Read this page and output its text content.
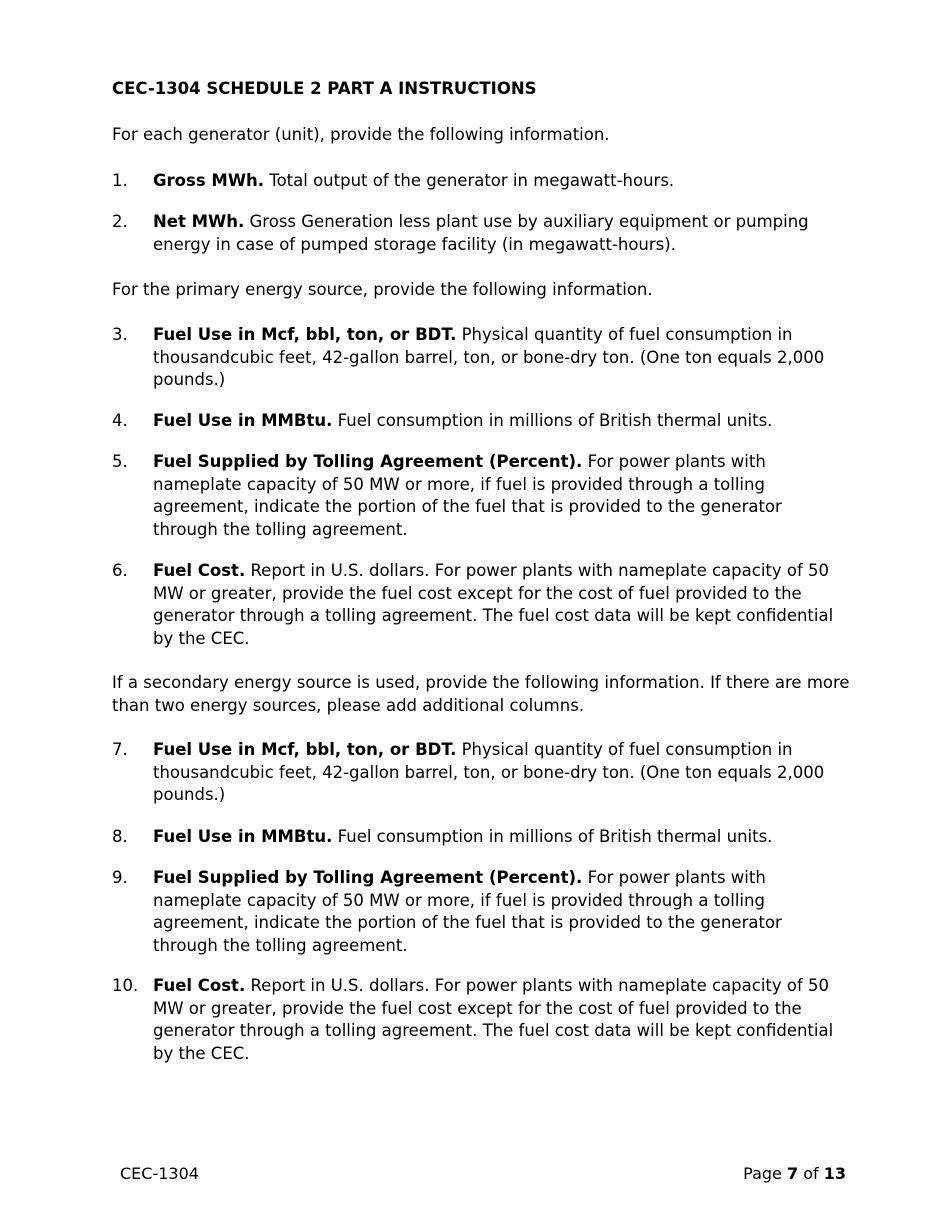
CEC-1304 SCHEDULE 2 PART A INSTRUCTIONS
For each generator (unit), provide the following information.
1. Gross MWh. Total output of the generator in megawatt-hours.
2. Net MWh. Gross Generation less plant use by auxiliary equipment or pumping energy in case of pumped storage facility (in megawatt-hours).
For the primary energy source, provide the following information.
3. Fuel Use in Mcf, bbl, ton, or BDT. Physical quantity of fuel consumption in thousandcubic feet, 42-gallon barrel, ton, or bone-dry ton. (One ton equals 2,000 pounds.)
4. Fuel Use in MMBtu. Fuel consumption in millions of British thermal units.
5. Fuel Supplied by Tolling Agreement (Percent). For power plants with nameplate capacity of 50 MW or more, if fuel is provided through a tolling agreement, indicate the portion of the fuel that is provided to the generator through the tolling agreement.
6. Fuel Cost. Report in U.S. dollars. For power plants with nameplate capacity of 50 MW or greater, provide the fuel cost except for the cost of fuel provided to the generator through a tolling agreement. The fuel cost data will be kept confidential by the CEC.
If a secondary energy source is used, provide the following information. If there are more than two energy sources, please add additional columns.
7. Fuel Use in Mcf, bbl, ton, or BDT. Physical quantity of fuel consumption in thousandcubic feet, 42-gallon barrel, ton, or bone-dry ton. (One ton equals 2,000 pounds.)
8. Fuel Use in MMBtu. Fuel consumption in millions of British thermal units.
9. Fuel Supplied by Tolling Agreement (Percent). For power plants with nameplate capacity of 50 MW or more, if fuel is provided through a tolling agreement, indicate the portion of the fuel that is provided to the generator through the tolling agreement.
10. Fuel Cost. Report in U.S. dollars. For power plants with nameplate capacity of 50 MW or greater, provide the fuel cost except for the cost of fuel provided to the generator through a tolling agreement. The fuel cost data will be kept confidential by the CEC.
CEC-1304	Page 7 of 13
